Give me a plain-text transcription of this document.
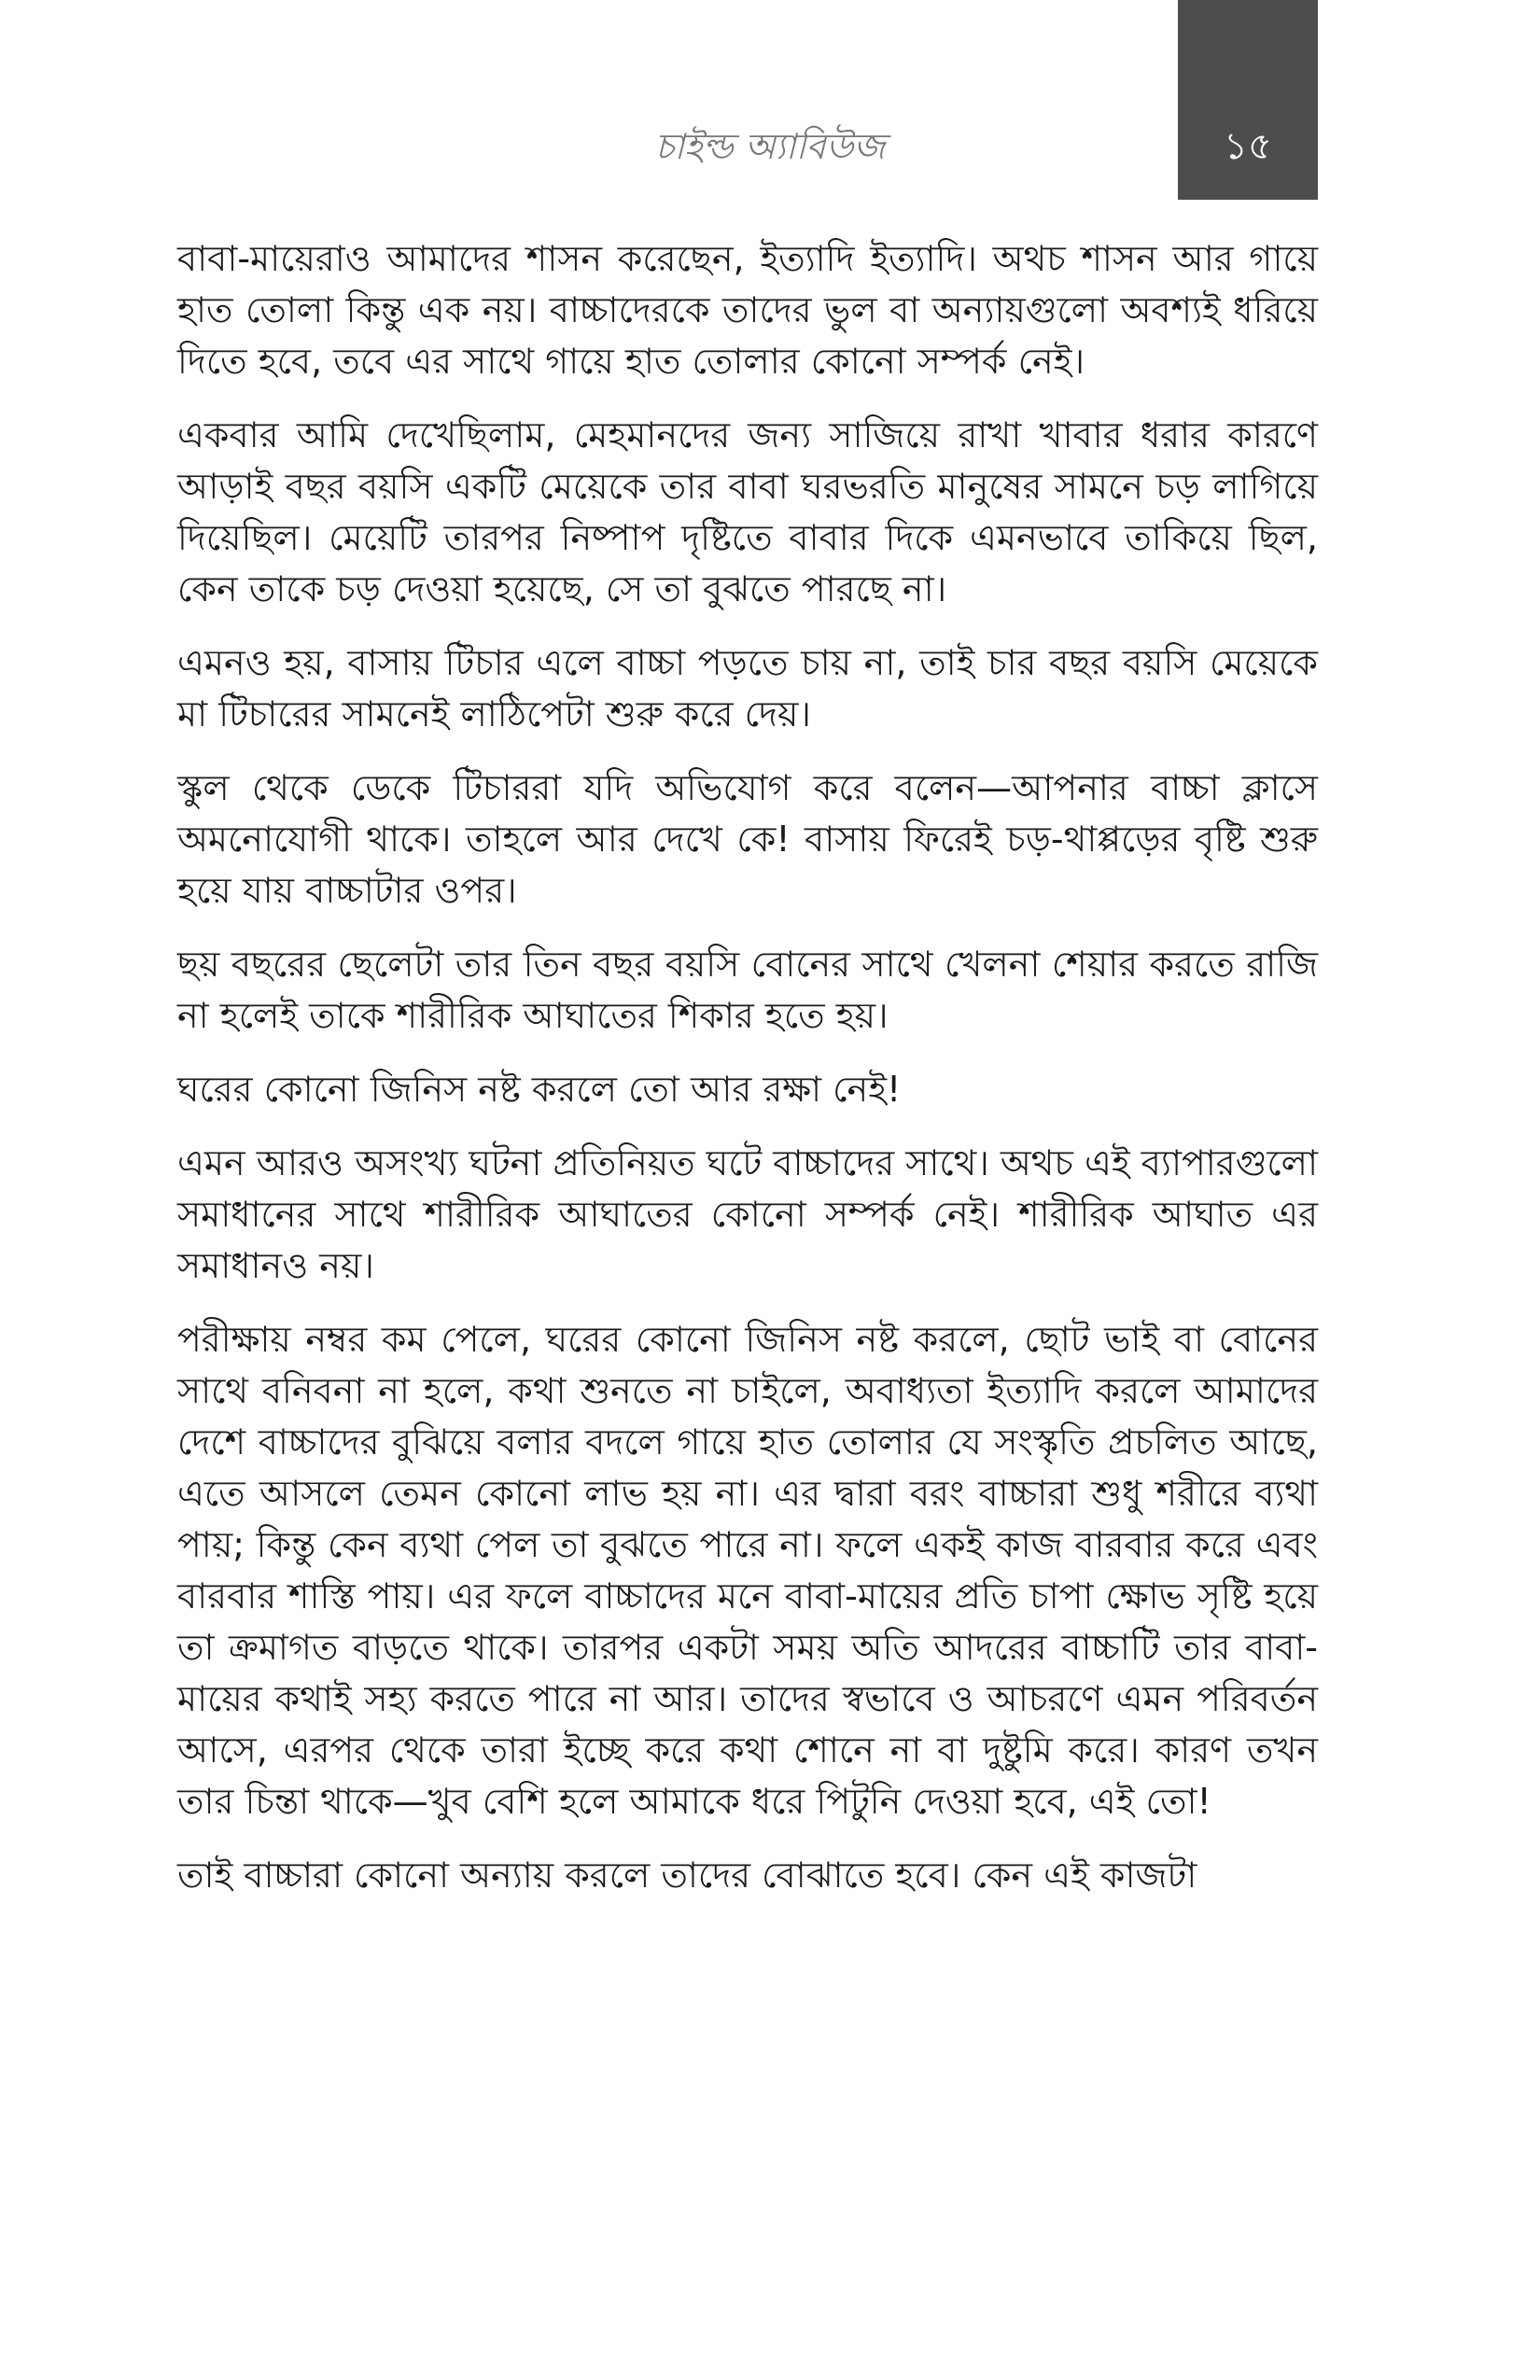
চাইল্ড অ্যাবিউজ	১৫

বাবা-মায়েরাও আমাদের শাসন করেছেন, ইত্যাদি ইত্যাদি। অথচ শাসন আর গায়ে হাত তোলা কিন্তু এক নয়। বাচ্চাদেরকে তাদের ভুল বা অন্যায়গুলো অবশ্যই ধরিয়ে দিতে হবে, তবে এর সাথে গায়ে হাত তোলার কোনো সম্পর্ক নেই।

একবার আমি দেখেছিলাম, মেহমানদের জন্য সাজিয়ে রাখা খাবার ধরার কারণে আড়াই বছর বয়সি একটি মেয়েকে তার বাবা ঘরভরতি মানুষের সামনে চড় লাগিয়ে দিয়েছিল। মেয়েটি তারপর নিষ্পাপ দৃষ্টিতে বাবার দিকে এমনভাবে তাকিয়ে ছিল, কেন তাকে চড় দেওয়া হয়েছে, সে তা বুঝতে পারছে না।

এমনও হয়, বাসায় টিচার এলে বাচ্চা পড়তে চায় না, তাই চার বছর বয়সি মেয়েকে মা টিচারের সামনেই লাঠিপেটা শুরু করে দেয়।

স্কুল থেকে ডেকে টিচাররা যদি অভিযোগ করে বলেন—আপনার বাচ্চা ক্লাসে অমনোযোগী থাকে। তাহলে আর দেখে কে! বাসায় ফিরেই চড়-থাপ্পড়ের বৃষ্টি শুরু হয়ে যায় বাচ্চাটার ওপর।

ছয় বছরের ছেলেটা তার তিন বছর বয়সি বোনের সাথে খেলনা শেয়ার করতে রাজি না হলেই তাকে শারীরিক আঘাতের শিকার হতে হয়।

ঘরের কোনো জিনিস নষ্ট করলে তো আর রক্ষা নেই!

এমন আরও অসংখ্য ঘটনা প্রতিনিয়ত ঘটে বাচ্চাদের সাথে। অথচ এই ব্যাপারগুলো সমাধানের সাথে শারীরিক আঘাতের কোনো সম্পর্ক নেই। শারীরিক আঘাত এর সমাধানও নয়।

পরীক্ষায় নম্বর কম পেলে, ঘরের কোনো জিনিস নষ্ট করলে, ছোট ভাই বা বোনের সাথে বনিবনা না হলে, কথা শুনতে না চাইলে, অবাধ্যতা ইত্যাদি করলে আমাদের দেশে বাচ্চাদের বুঝিয়ে বলার বদলে গায়ে হাত তোলার যে সংস্কৃতি প্রচলিত আছে, এতে আসলে তেমন কোনো লাভ হয় না। এর দ্বারা বরং বাচ্চারা শুধু শরীরে ব্যথা পায়; কিন্তু কেন ব্যথা পেল তা বুঝতে পারে না। ফলে একই কাজ বারবার করে এবং বারবার শাস্তি পায়। এর ফলে বাচ্চাদের মনে বাবা-মায়ের প্রতি চাপা ক্ষোভ সৃষ্টি হয়ে তা ক্রমাগত বাড়তে থাকে। তারপর একটা সময় অতি আদরের বাচ্চাটি তার বাবা-মায়ের কথাই সহ্য করতে পারে না আর। তাদের স্বভাবে ও আচরণে এমন পরিবর্তন আসে, এরপর থেকে তারা ইচ্ছে করে কথা শোনে না বা দুষ্টুমি করে। কারণ তখন তার চিন্তা থাকে—খুব বেশি হলে আমাকে ধরে পিটুনি দেওয়া হবে, এই তো!

তাই বাচ্চারা কোনো অন্যায় করলে তাদের বোঝাতে হবে। কেন এই কাজটা
